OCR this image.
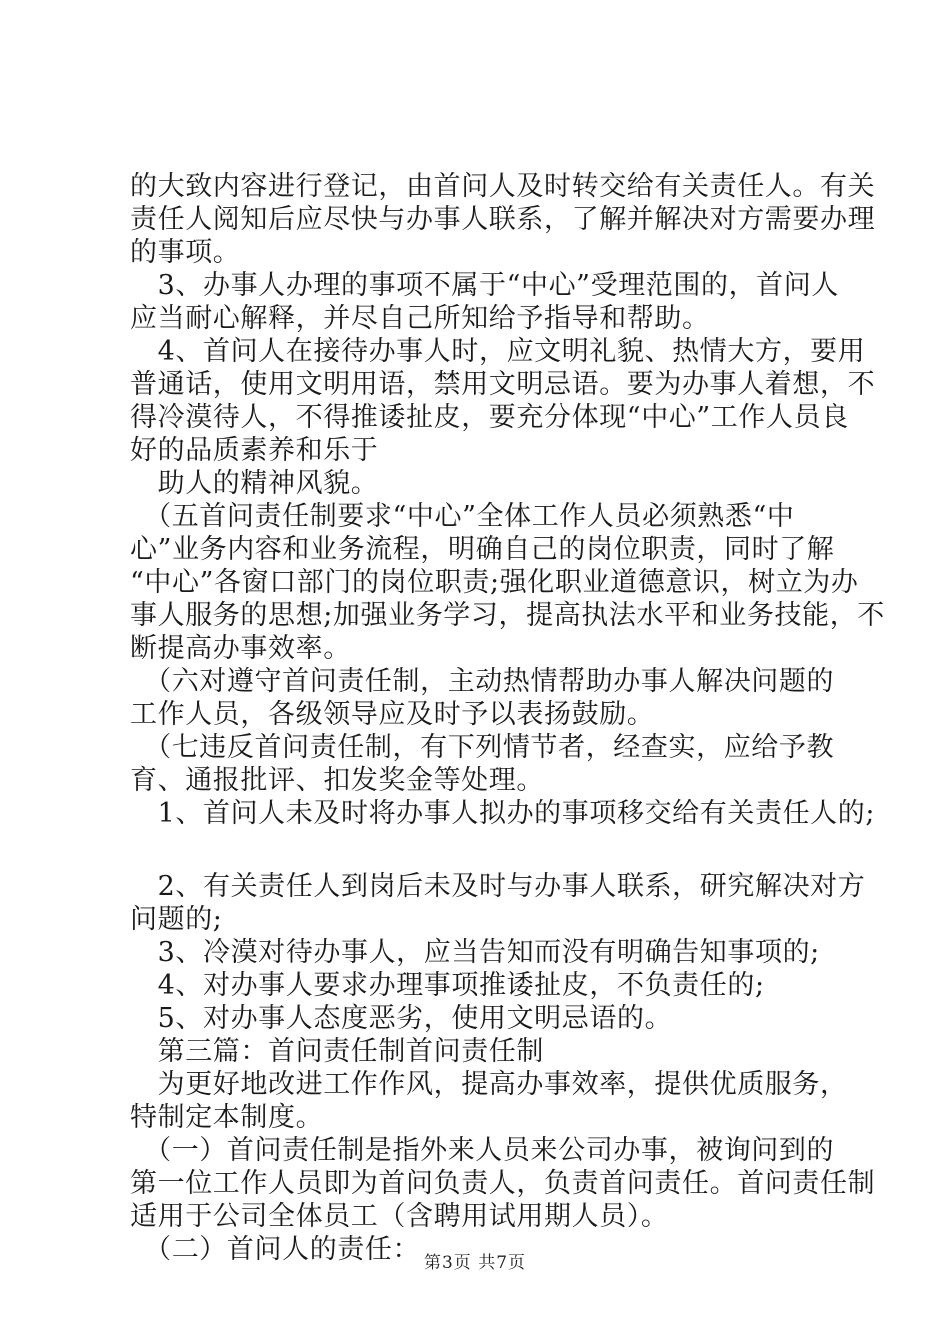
的大致内容进行登记，由首问人及时转交给有关责任人。有关
责任人阅知后应尽快与办事人联系，了解并解决对方需要办理
的事项。
　3、办事人办理的事项不属于“中心”受理范围的，首问人
应当耐心解释，并尽自己所知给予指导和帮助。
　4、首问人在接待办事人时，应文明礼貌、热情大方，要用
普通话，使用文明用语，禁用文明忌语。要为办事人着想，不
得冷漠待人，不得推诿扯皮，要充分体现“中心”工作人员良
好的品质素养和乐于
　助人的精神风貌。
　（五首问责任制要求“中心”全体工作人员必须熟悉“中
心”业务内容和业务流程，明确自己的岗位职责，同时了解
“中心”各窗口部门的岗位职责;强化职业道德意识，树立为办
事人服务的思想;加强业务学习，提高执法水平和业务技能，不
断提高办事效率。
　（六对遵守首问责任制，主动热情帮助办事人解决问题的
工作人员，各级领导应及时予以表扬鼓励。
　（七违反首问责任制，有下列情节者，经查实，应给予教
育、通报批评、扣发奖金等处理。
　1、首问人未及时将办事人拟办的事项移交给有关责任人的;
　2、有关责任人到岗后未及时与办事人联系，研究解决对方
问题的;
　3、冷漠对待办事人，应当告知而没有明确告知事项的;
　4、对办事人要求办理事项推诿扯皮，不负责任的;
　5、对办事人态度恶劣，使用文明忌语的。
　第三篇：首问责任制首问责任制
　为更好地改进工作作风，提高办事效率，提供优质服务，
特制定本制度。
　（一）首问责任制是指外来人员来公司办事，被询问到的
第一位工作人员即为首问负责人，负责首问责任。首问责任制
适用于公司全体员工（含聘用试用期人员）。
　（二）首问人的责任： 第3页 共7页
